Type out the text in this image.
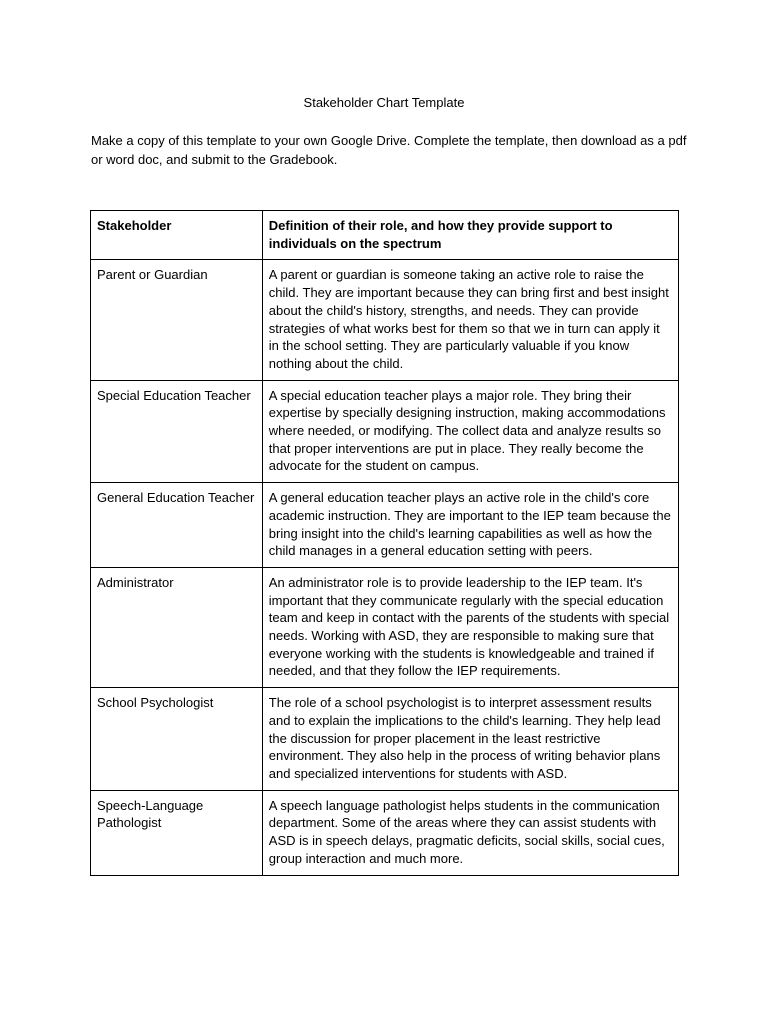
Stakeholder Chart Template
Make a copy of this template to your own Google Drive. Complete the template, then download as a pdf or word doc, and submit to the Gradebook.
Stakeholder	Definition of their role, and how they provide support to individuals on the spectrum
Parent or Guardian	A parent or guardian is someone taking an active role to raise the child. They are important because they can bring first and best insight about the child's history, strengths, and needs. They can provide strategies of what works best for them so that we in turn can apply it in the school setting. They are particularly valuable if you know nothing about the child.
Special Education Teacher	A special education teacher plays a major role. They bring their expertise by specially designing instruction, making accommodations where needed, or modifying. The collect data and analyze results so that proper interventions are put in place. They really become the advocate for the student on campus.
General Education Teacher	A general education teacher plays an active role in the child's core academic instruction. They are important to the IEP team because the bring insight into the child's learning capabilities as well as how the child manages in a general education setting with peers.
Administrator	An administrator role is to provide leadership to the IEP team. It's important that they communicate regularly with the special education team and keep in contact with the parents of the students with special needs. Working with ASD, they are responsible to making sure that everyone working with the students is knowledgeable and trained if needed, and that they follow the IEP requirements.
School Psychologist	The role of a school psychologist is to interpret assessment results and to explain the implications to the child's learning. They help lead the discussion for proper placement in the least restrictive environment. They also help in the process of writing behavior plans and specialized interventions for students with ASD.
Speech-Language Pathologist	A speech language pathologist helps students in the communication department. Some of the areas where they can assist students with ASD is in speech delays, pragmatic deficits, social skills, social cues, group interaction and much more.
